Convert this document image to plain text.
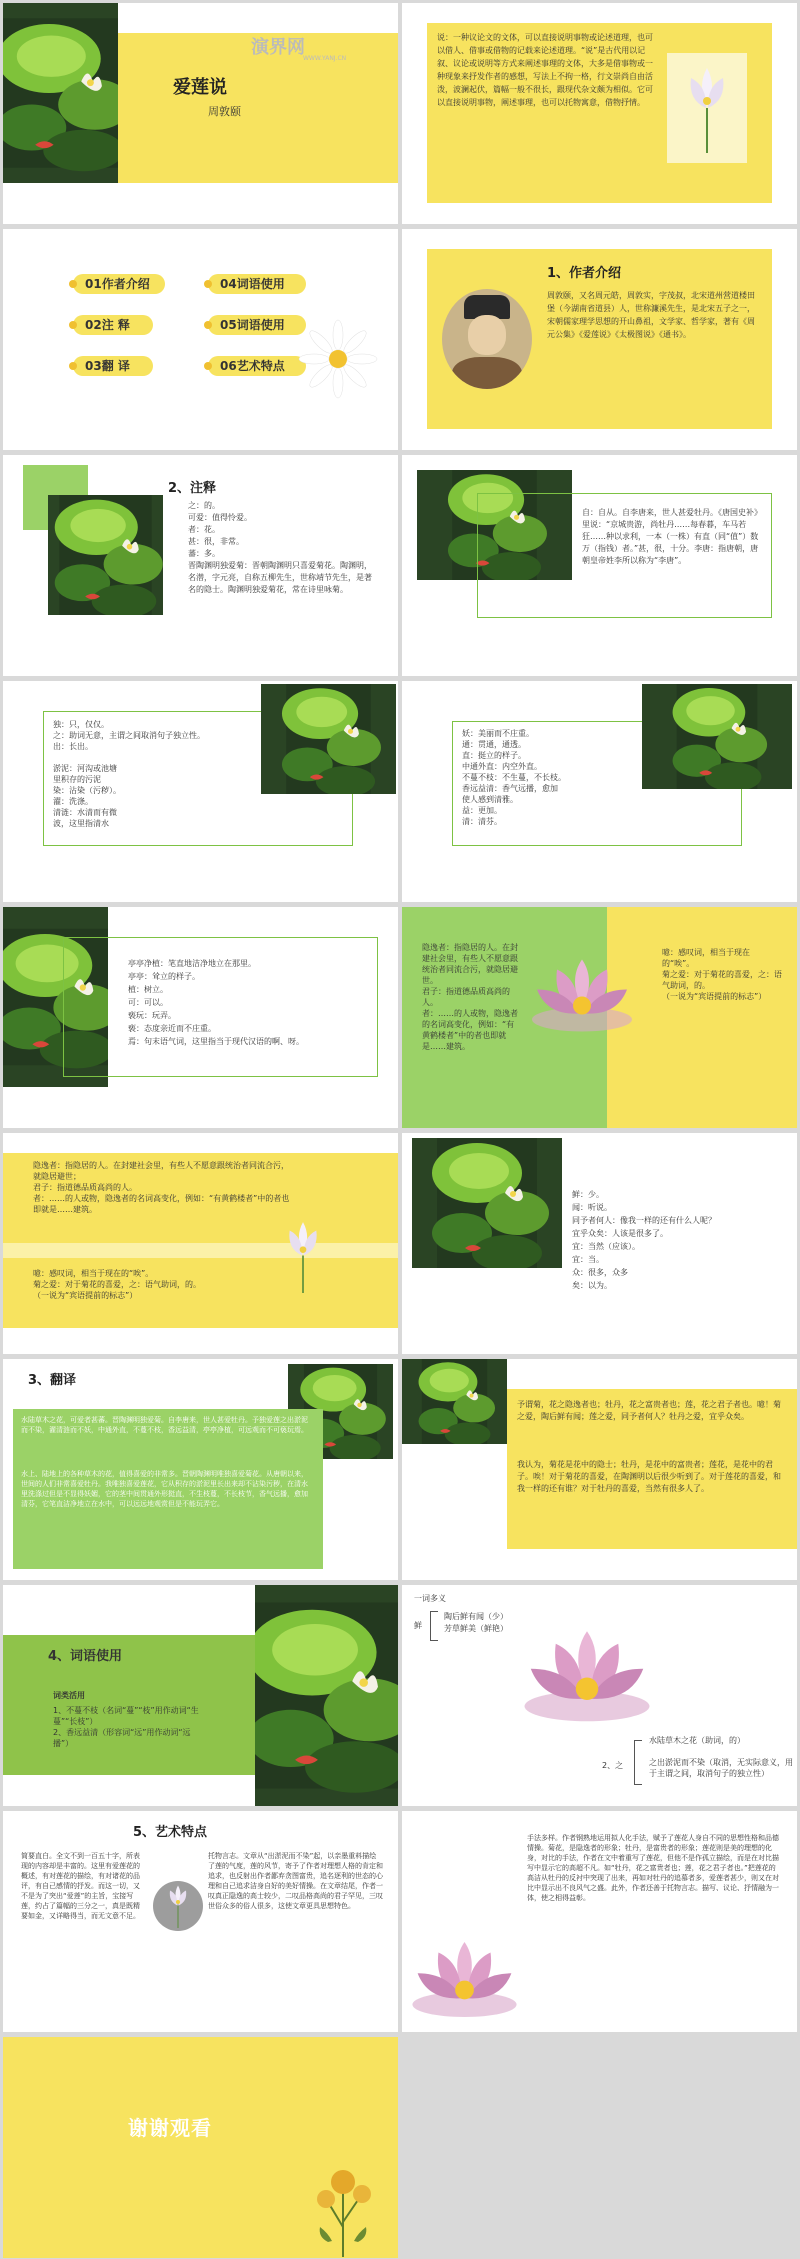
爱莲说
周敦颐
演界网
WWW.YANJ.CN
说：一种议论文的文体，可以直接说明事物或论述道理，也可以借人、借事或借物的记载来论述道理。“说”是古代用以记叙、议论或说明等方式来阐述事理的文体，大多是借事物或一种现象来抒发作者的感想，写法上不拘一格，行文崇尚自由活泼，波澜起伏，篇幅一般不很长，跟现代杂文颇为相似。它可以直接说明事物，阐述事理，也可以托物寓意，借物抒情。
01作者介绍
02注 释
03翻 译
04词语使用
05词语使用
06艺术特点
1、作者介绍
周敦颐，又名周元皓，周敦实，字茂叔，北宋道州营道楼田堡（今湖南省道县）人，世称濂溪先生，是北宋五子之一，宋朝儒家理学思想的开山鼻祖，文学家、哲学家，著有《周元公集》《爱莲说》《太极图说》《通书》。
2、注释
之：的。
可爱：值得怜爱。
者：花。
甚：很，非常。
蕃：多。
晋陶渊明独爱菊：晋朝陶渊明只喜爱菊花。陶渊明，名潜，字元亮，自称五柳先生，世称靖节先生，是著名的隐士。陶渊明独爱菊花，常在诗里咏菊。
自：自从。自李唐来，世人甚爱牡丹。《唐国史补》里说：“京城贵游，尚牡丹……每春暮，车马若狂……种以求利，一本（一株）有直（同“值”）数万（指钱）者。”甚，很，十分。李唐：指唐朝，唐朝皇帝姓李所以称为“李唐”。
独：只，仅仅。
之：助词无意，主谓之间取消句子独立性。
出：长出。

淤泥：河沟或池塘
里积存的污泥
染：沾染（污秽）。
濯：洗涤。
清涟：水清而有微
波，这里指清水
妖：美丽而不庄重。
通：贯通，通透。
直：挺立的样子。
中通外直：内空外直。
不蔓不枝：不生蔓，不长枝。
香远益清：香气远播，愈加
使人感到清雅。
益：更加。
清：清芬。
亭亭净植：笔直地洁净地立在那里。
亭亭：耸立的样子。
植：树立。
可：可以。
亵玩：玩弄。
亵：态度亲近而不庄重。
焉：句末语气词，这里指当于现代汉语的啊、呀。
隐逸者：指隐居的人。在封建社会里，有些人不愿意跟统治者同流合污，就隐居避世。
君子：指道德品质高尚的人。
者：……的人或物，隐逸者的名词高变化，例如：“有黄鹤楼者”中的者也即就是……建筑。
噫：感叹词，相当于现在的“唉”。
菊之爱：对于菊花的喜爱，之：语气助词，的。
（一说为“宾语提前的标志”）
隐逸者：指隐居的人。在封建社会里，有些人不愿意跟统治者同流合污，就隐居避世；
君子：指道德品质高尚的人。
者：……的人或物，隐逸者的名词高变化，例如：“有黄鹤楼者”中的者也即就是……建筑。
噫：感叹词，相当于现在的“唉”。
菊之爱：对于菊花的喜爱，之：语气助词，的。
（一说为“宾语提前的标志”）
鲜：少。
闻：听说。
同予者何人：像我一样的还有什么人呢？
宜乎众矣：人该是很多了。
宜：当然（应该）。
宜：当。
众：很多，众多
矣：以为。
3、翻译
水陆草木之花，可爱者甚蕃。晋陶渊明独爱菊。自李唐来，世人甚爱牡丹。予独爱莲之出淤泥而不染，濯清涟而不妖，中通外直，不蔓不枝，香远益清，亭亭净植，可远观而不可亵玩焉。
水上、陆地上的各种草木的花，值得喜爱的非常多。晋朝陶渊明唯独喜爱菊花。从唐朝以来，世间的人们非常喜爱牡丹。我唯独喜爱莲花，它从积存的淤泥里长出来却不沾染污秽，在清水里洗涤过但是不显得妖媚，它的茎中间贯通外形挺直，不生枝蔓，不长枝节，香气远播，愈加清芬，它笔直洁净地立在水中，可以远远地观赏但是不能玩弄它。
予谓菊，花之隐逸者也；牡丹，花之富贵者也；莲，花之君子者也。噫！菊之爱，陶后鲜有闻；莲之爱，同予者何人？牡丹之爱，宜乎众矣。
我认为，菊花是花中的隐士；牡丹，是花中的富贵者；莲花，是花中的君子。唉！对于菊花的喜爱，在陶渊明以后很少听到了。对于莲花的喜爱，和我一样的还有谁？对于牡丹的喜爱，当然有很多人了。
4、词语使用
词类活用
1、不蔓不枝（名词“蔓”“枝”用作动词“生蔓”“长枝”）
2、香远益清（形容词“远”用作动词“远播”）
一词多义
鲜
陶后鲜有闻（少）
芳草鲜美（鲜艳）
水陆草木之花（助词，的）
2、之	之出淤泥而不染（取消，无实际意义，用于主谓之间，取消句子的独立性）
5、艺术特点
简要直白。全文不到一百五十字，所表现的内容却是丰富的。这里有爱莲花的概述，有对莲花的描绘，有对诸花的品评，有自己感情的抒发。而这一切，又不是为了突出“爱莲”的主旨，宝接写莲，约占了篇幅的三分之一，真是既精要如金，又详略得当，而无文意不足。
托物言志。文章从“出淤泥而不染”起，以亲墨重料描绘了莲的气度，莲的风节，寄予了作者对理想人格的肯定和追求，也反射出作者鄙弃贪图富贵，追名逐利的世态的心理和自己追求洁身自好的美好情操。在文章结尾，作者一叹真正隐逸的高士较少，二叹品格高尚的君子罕见，三叹世俗众多的俗人很多，这使文章更具思想特色。
手法多样。作者钢熟地运用拟人化手法，赋予了莲花人身自不同的思想性格和品德情操。菊花，是隐逸者的形象；牡丹，是富贵者的形象；莲花则是美的理想的化身，对比的手法，作者在文中着重写了莲花，但他不是作孤立描绘，而是在对比描写中显示它的高超不凡。如“牡丹，花之富贵者也；莲，花之君子者也。”把莲花的高洁从牡丹的反衬中突现了出来，再如对牡丹的追慕者多，爱莲者甚少，则又在对比中显示出不良风气之盛。此外，作者还善于托物言志。描写、议论、抒情融为一体，使之相得益彰。
谢谢观看
